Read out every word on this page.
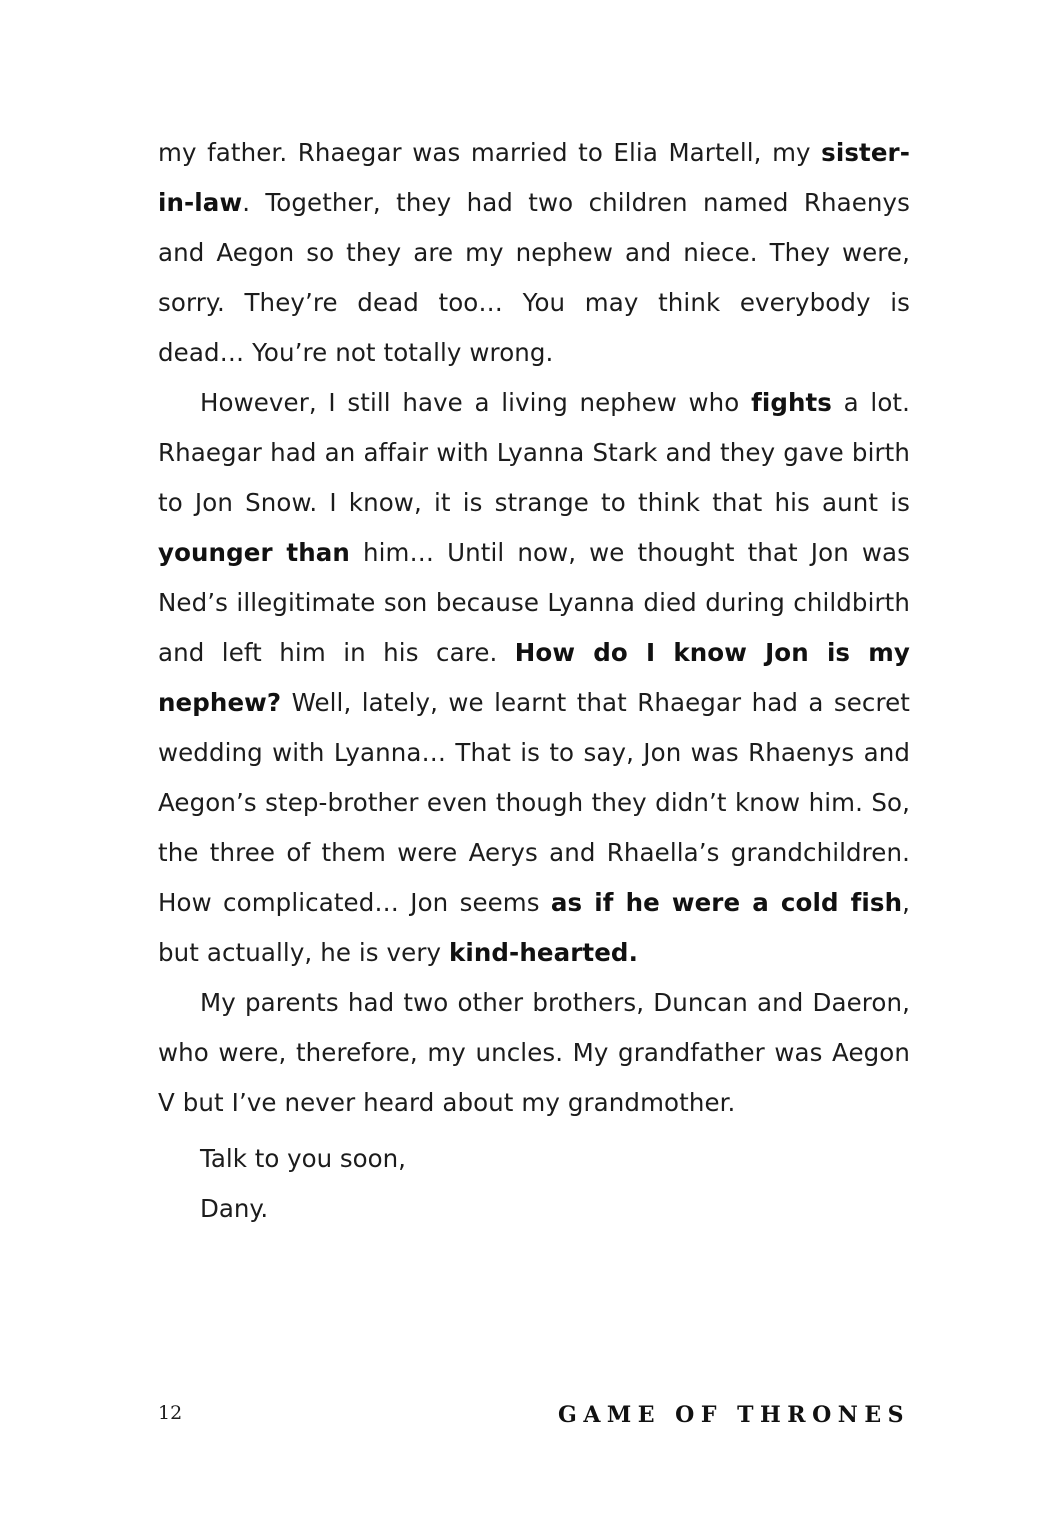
my father. Rhaegar was married to Elia Martell, my sister-in-law. Together, they had two children named Rhaenys and Aegon so they are my nephew and niece. They were, sorry. They’re dead too… You may think everybody is dead… You’re not totally wrong.

However, I still have a living nephew who fights a lot. Rhaegar had an affair with Lyanna Stark and they gave birth to Jon Snow. I know, it is strange to think that his aunt is younger than him… Until now, we thought that Jon was Ned’s illegitimate son because Lyanna died during childbirth and left him in his care. How do I know Jon is my nephew? Well, lately, we learnt that Rhaegar had a secret wedding with Lyanna… That is to say, Jon was Rhaenys and Aegon’s step-brother even though they didn’t know him. So, the three of them were Aerys and Rhaella’s grandchildren. How complicated… Jon seems as if he were a cold fish, but actually, he is very kind-hearted.

My parents had two other brothers, Duncan and Daeron, who were, therefore, my uncles. My grandfather was Aegon V but I’ve never heard about my grandmother.

Talk to you soon,

Dany.

12	GAME OF THRONES
